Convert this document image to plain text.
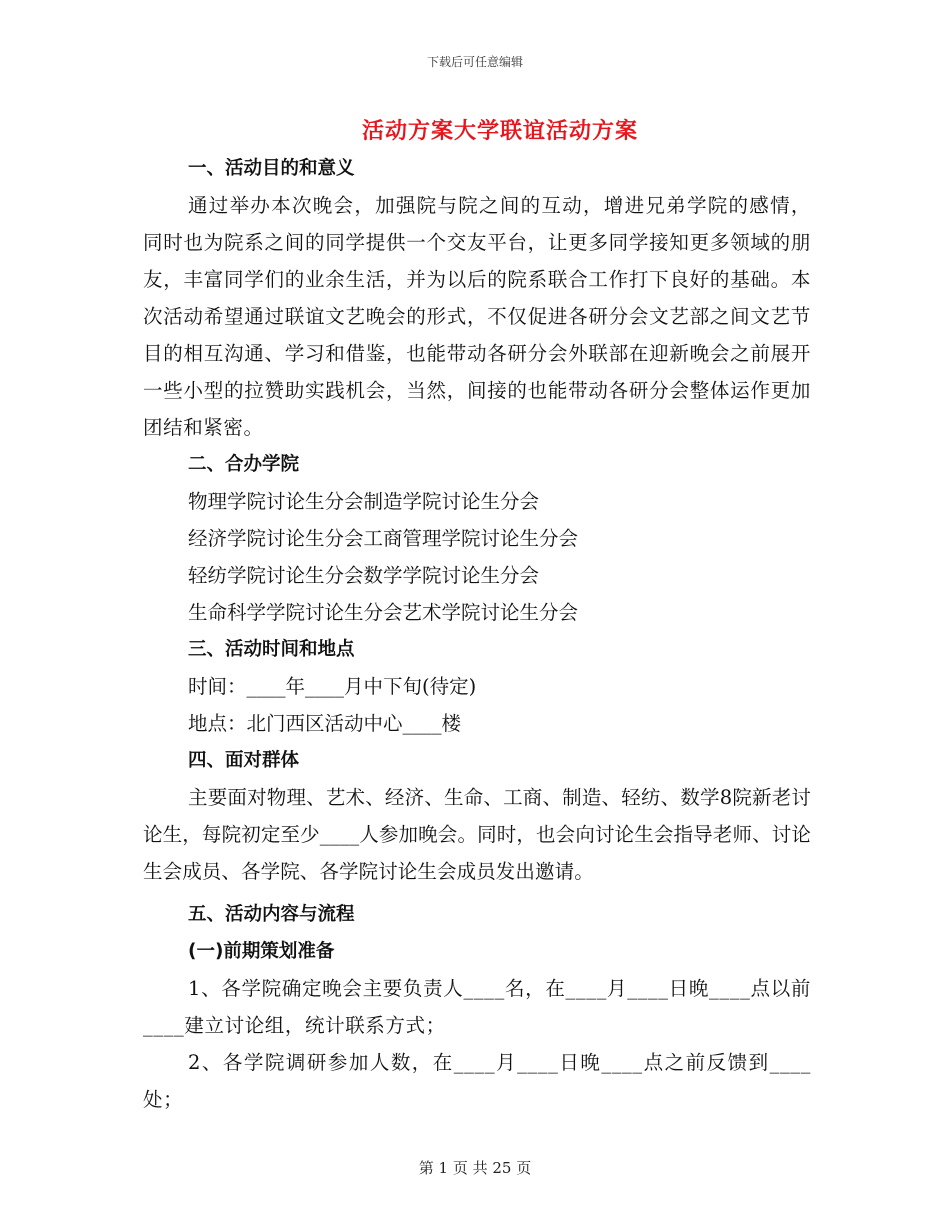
下载后可任意编辑
活动方案大学联谊活动方案
一、活动目的和意义
通过举办本次晚会，加强院与院之间的互动，增进兄弟学院的感情，同时也为院系之间的同学提供一个交友平台，让更多同学接知更多领域的朋友，丰富同学们的业余生活，并为以后的院系联合工作打下良好的基础。本次活动希望通过联谊文艺晚会的形式，不仅促进各研分会文艺部之间文艺节目的相互沟通、学习和借鉴，也能带动各研分会外联部在迎新晚会之前展开一些小型的拉赞助实践机会，当然，间接的也能带动各研分会整体运作更加团结和紧密。
二、合办学院
物理学院讨论生分会制造学院讨论生分会
经济学院讨论生分会工商管理学院讨论生分会
轻纺学院讨论生分会数学学院讨论生分会
生命科学学院讨论生分会艺术学院讨论生分会
三、活动时间和地点
时间：____年____月中下旬(待定)
地点：北门西区活动中心____楼
四、面对群体
主要面对物理、艺术、经济、生命、工商、制造、轻纺、数学8院新老讨论生，每院初定至少____人参加晚会。同时，也会向讨论生会指导老师、讨论生会成员、各学院、各学院讨论生会成员发出邀请。
五、活动内容与流程
(一)前期策划准备
1、各学院确定晚会主要负责人____名，在____月____日晚____点以前____建立讨论组，统计联系方式；
2、各学院调研参加人数，在____月____日晚____点之前反馈到____处；
第 1 页 共 25 页
